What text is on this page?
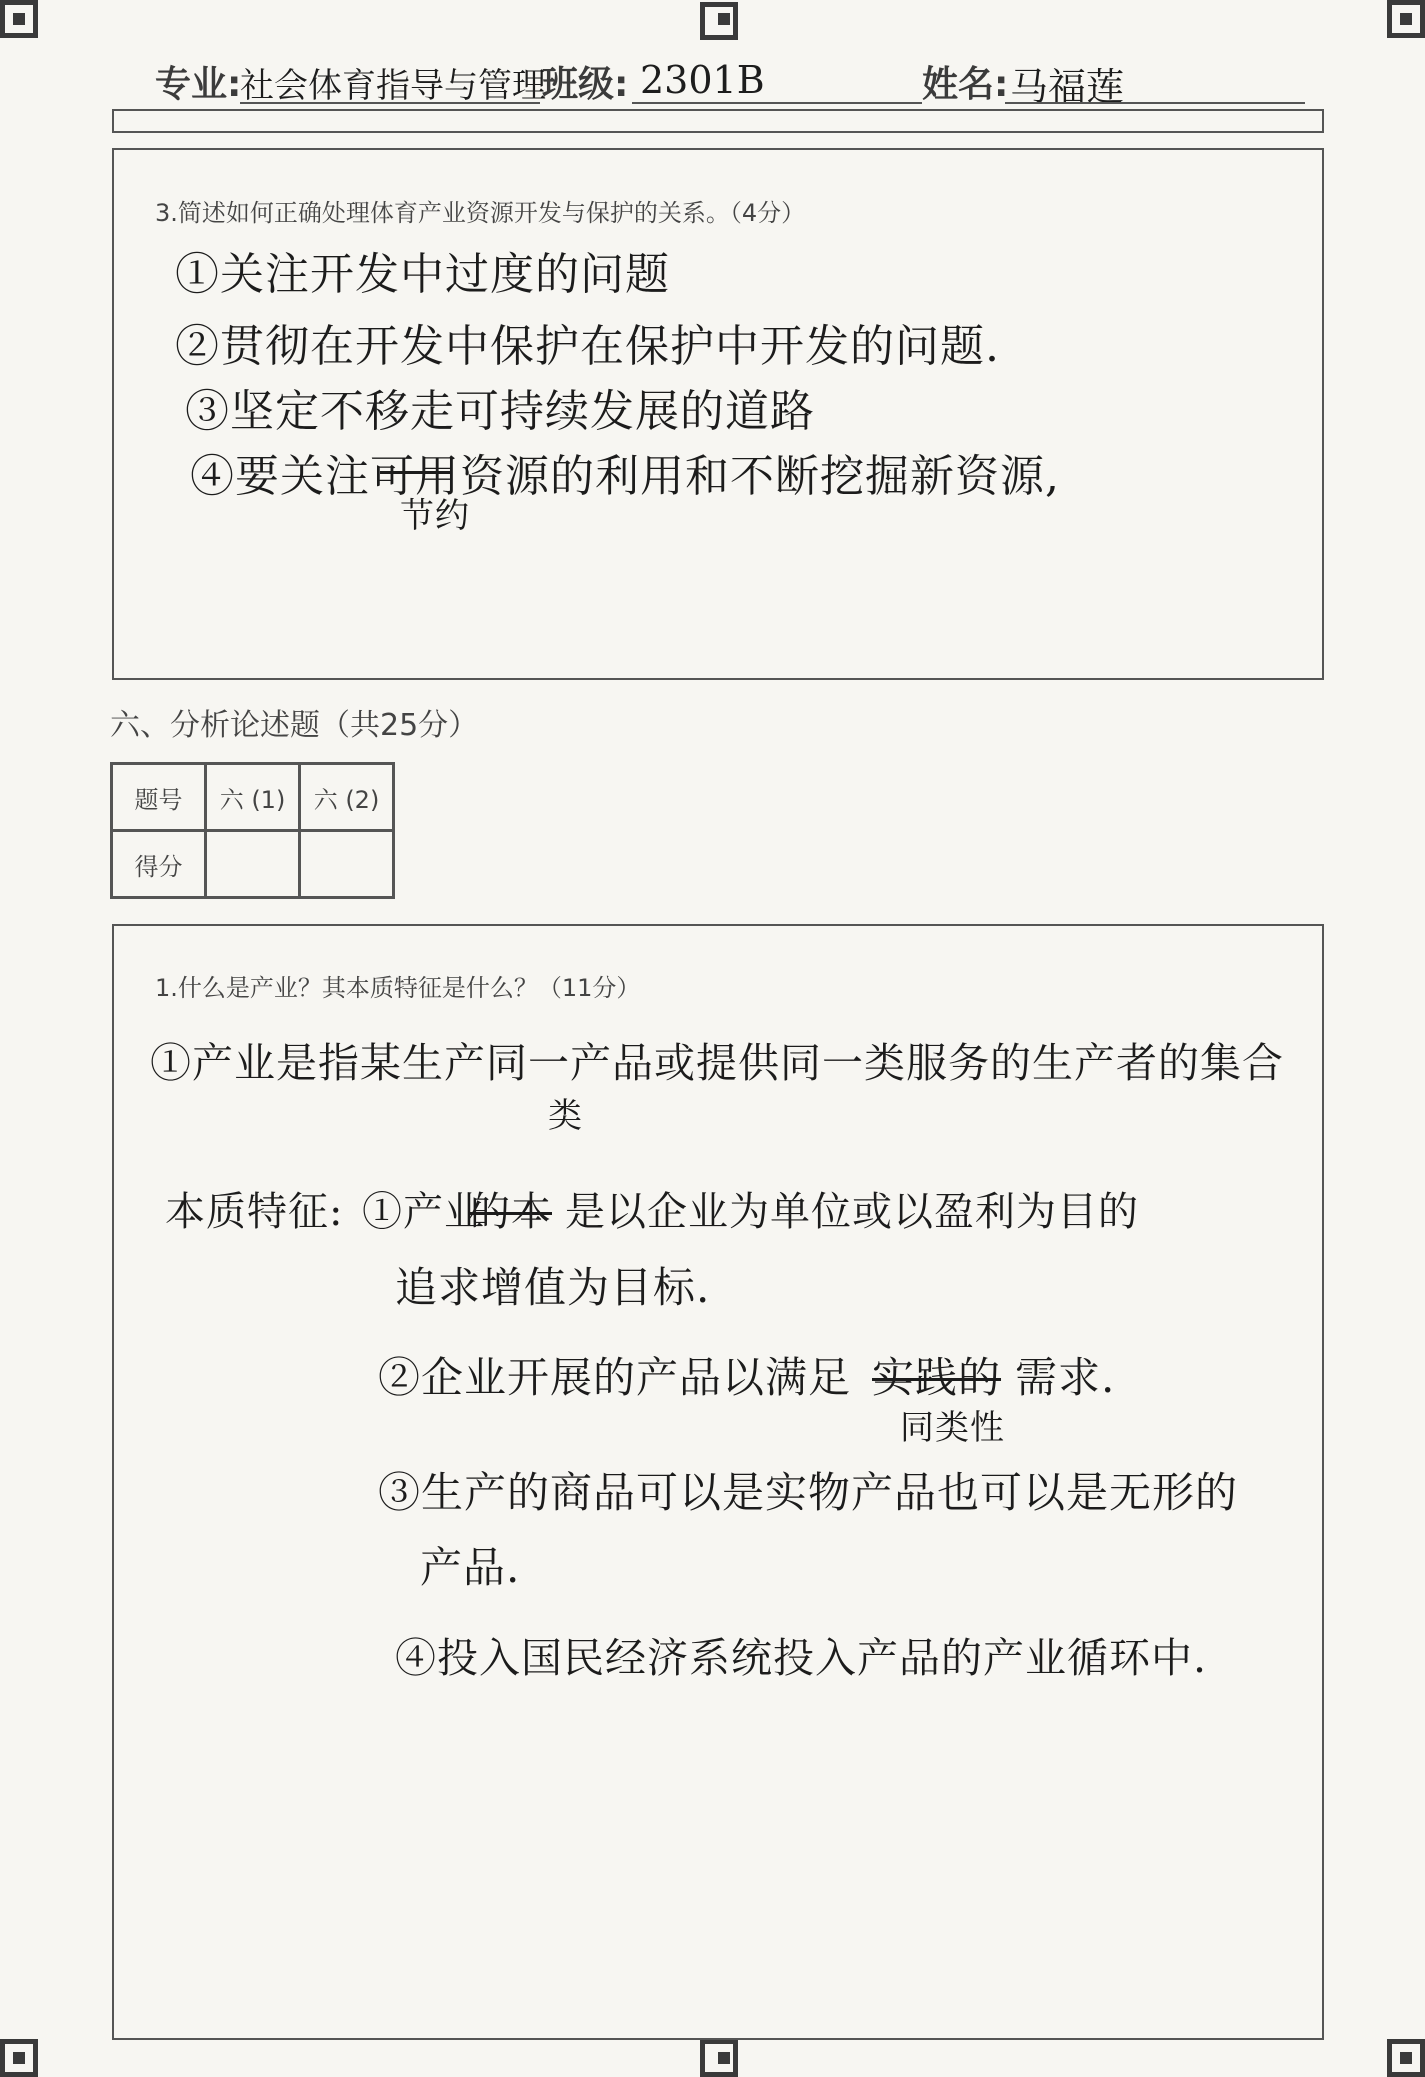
专业:
社会体育指导与管理
班级: 2301B	姓名: 马福莲
3.简述如何正确处理体育产业资源开发与保护的关系。（4分）
①关注开发中过度的问题
②贯彻在开发中保护在保护中开发的问题.
③坚定不移走可持续发展的道路
④要关注可用资源的利用和不断挖掘新资源,
节约
六、分析论述题（共25分）
题号	六 (1)	六 (2)
得分		
1.什么是产业？其本质特征是什么？（11分）
①产业是指某生产同一产品或提供同一类服务的生产者的集合
类
本质特征: ①产业
的本 是以企业为单位或以盈利为目的
追求增值为目标.
②企业开展的产品以满足 实践的 需求.
同类性
③生产的商品可以是实物产品也可以是无形的
产品.
④投入国民经济系统投入产品的产业循环中.
